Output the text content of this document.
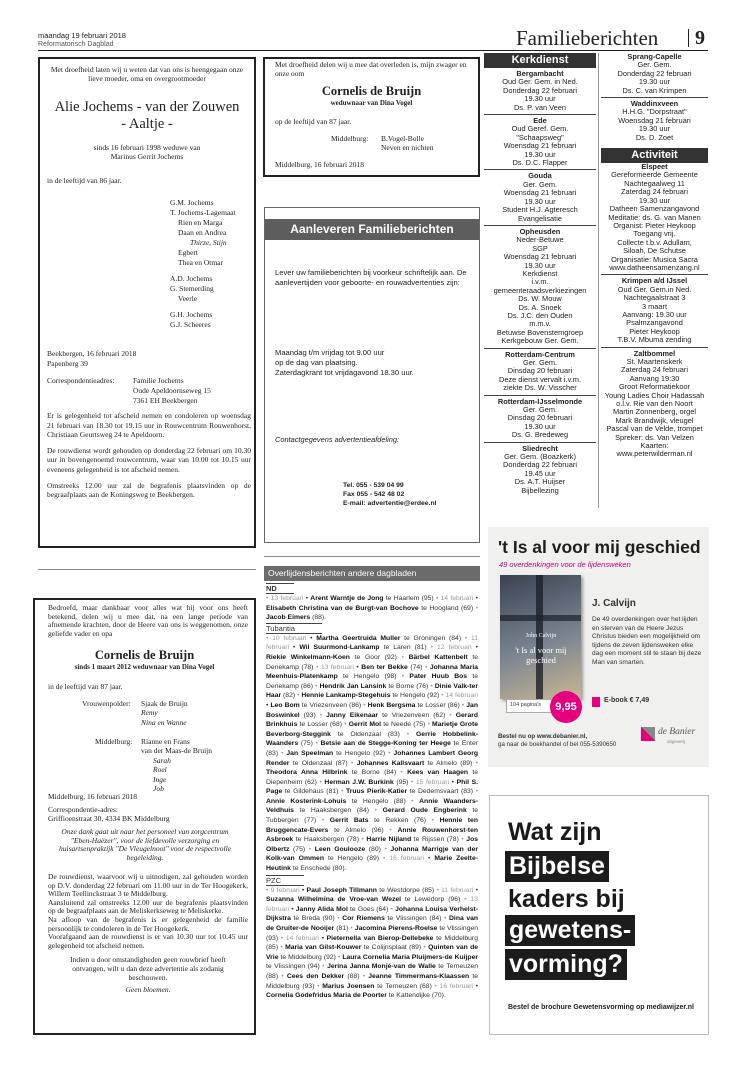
maandag 19 februari 2018
Reformatorisch Dagblad	Familieberichten 9
Met droefheid laten wij u weten dat van ons is heengegaan onze lieve moeder, oma en overgrootmoeder
Alie Jochems - van der Zouwen
- Aaltje -
sinds 16 februari 1998 weduwe van
Marinus Gerrit Jochems
in de leeftijd van 86 jaar.
G.M. Jochems
T. Jochems-Lagemaat
Rien en Marga
Daan en Andrea
Thirze, Stijn
Egbert
Thea en Otmar
A.D. Jochems
G. Stemerding
Veerle
G.H. Jochems
G.J. Scheeres
Beekbergen, 16 februari 2018
Papenberg 39
Correspondentieadres: Familie Jochems
Oude Apeldoornseweg 15
7361 EH Beekbergen
Er is gelegenheid tot afscheid nemen en condoleren op woensdag 21 februari van 18.30 tot 19.15 uur in Rouwcentrum Rouwenhorst, Christiaan Geurtsweg 24 te Apeldoorn.
De rouwdienst wordt gehouden op donderdag 22 februari om 10.30 uur in bovengenoemd rouwcentrum, waar van 10.00 tot 10.15 uur eveneens gelegenheid is tot afscheid nemen.
Omstreeks 12.00 uur zal de begrafenis plaatsvinden op de begraafplaats aan de Koningsweg te Beekbergen.
Met droefheid delen wij u mee dat overleden is, mijn zwager en onze oom
Cornelis de Bruijn
weduwnaar van Dina Vogel
op de leeftijd van 87 jaar.
Middelburg: B.Vogel-Bolle
Neven en nichten
Middelburg, 16 februari 2018
Aanleveren Familieberichten
Lever uw familieberichten bij voorkeur schriftelijk aan. De aanlevertijden voor geboorte- en rouwadvertenties zijn:
Maandag t/m vrijdag tot 9.00 uur
op de dag van plaatsing.
Zaterdagkrant tot vrijdagavond 18.30 uur.
Contactgegevens advertentieafdeling:
Tel. 055 - 539 04 99
Fax 055 - 542 48 02
E-mail: advertentie@erdee.nl
Bedroefd, maar dankbaar voor alles wat hij voor ons heeft betekend, delen wij u mee dat, na een lange periode van afnemende krachten, door de Heere van ons is weggenomen, onze geliefde vader en opa
Cornelis de Bruijn
sinds 1 maart 2012 weduwnaar van Dina Vogel
in de leeftijd van 87 jaar.
Vrouwenpolder: Sjaak de Bruijn
Remy
Nina en Wanne
Middelburg: Rianne en Frans
van der Maas-de Bruijn
Sarah
Roel
Inge
Job
Middelburg, 16 februari 2018
Correspondentie-adres:
Griffioenstraat 30, 4334 BK Middelburg
Onze dank gaat uit naar het personeel van zorgcentrum "Eben-Haëzer", voor de liefdevolle verzorging en huisartsenpraktijk "De Vleugelnoot" voor de respectvolle begeleiding.
De rouwdienst, waarvoor wij u uitnodigen, zal gehouden worden op D.V. donderdag 22 februari om 11.00 uur in de Ter Hoogekerk, Willem Teellinckstraat 3 te Middelburg.
Aansluitend zal omstreeks 12.00 uur de begrafenis plaatsvinden op de begraafplaats aan de Meliskerkseweg te Meliskerke.
Na afloop van de begrafenis is er gelegenheid de familie persoonlijk te condoleren in de Ter Hoogekerk.
Voorafgaand aan de rouwdienst is er van 10.30 uur tot 10.45 uur gelegenheid tot afscheid nemen.
Indien u door omstandigheden geen rouwbrief heeft ontvangen, wilt u dan deze advertentie als zodanig beschouwen.
Geen bloemen.
Overlijdensberichten andere dagbladen
ND
• 13 februari • Arent Warntje de Jong te Haarlem (95) • 14 februari • Elisabeth Christina van de Burgt-van Bochove te Hoogland (69) • Jacob Eimers (88).
Tubantia
• 10 februari • Martha Geertruida Muller te Groningen (84) • 11 februari • Wil Suurmond-Lankamp te Laren (81) • 12 februari • Riekie Winkelmann-Koen te Goor (92) • Bärbel Kattenbelt te Denekamp (78) • 13 februari • Ben ter Bekke (74) • Johanna Maria Meenhuis-Platenkamp te Hengelo (98) • Pater Huub Bos te Denekamp (86) • Hendrik Jan Lansink te Borne (76) • Dinie Valk-ter Haar (82) • Hennie Lankamp-Stegehuis te Hengelo (92) • 14 februari • Leo Bom te Vriezenveen (86) • Henk Bergsma te Losser (86) • Jan Boswinkel (93) • Janny Eikenaar te Vriezenveen (62) • Gerard Brinkhuis te Losser (68) • Gerrit Mol te Neede (75) • Marietje Grote Beverborg-Steggink te Oldenzaal (83) • Gerrie Hobbelink-Waanders (75) • Betsie aan de Stegge-Koning ter Heege te Enter (83) • Jan Speelman te Hengelo (92) • Johannes Lambert Georg Render te Oldenzaal (87) • Johannes Kallsvaart te Almelo (89) • Theodora Anna Hilbrink te Borne (84) • Kees van Haagen te Diepenheim (62) • Herman J.W. Burkink (95) • 15 februari • Phil S. Page te Gildehaus (81) • Truus Pierik-Katier te Dedemsvaart (83) • Annie Kosterink-Lohuis te Hengelo (88) • Annie Waanders-Veldhuis te Haaksbergen (84) • Gerard Oude Engberink te Tubbergen (77) • Gerrit Bats te Rekken (76) • Hennie ten Bruggencate-Evers te Almelo (96) • Annie Rouwenhorst-ten Asbroek te Haaksbergen (78) • Harrie Nijland te Rijssen (78) • Jos Olbertz (75) • Leen Goulooze (80) • Johanna Marrigje van der Kolk-van Ommen te Hengelo (89) • 16 februari • Marie Zeelte-Heutink te Enschede (80).
PZC
• 9 februari • Paul Joseph Tillmann te Westdorpe (85) • 11 februari • Suzanna Wilhelmina de Vroe-van Wezel te Lewedorp (96) • 13 februari • Janny Alida Mol te Goes (64) • Johanna Louisa Verhelst-Dijkstra te Breda (90) • Cor Riemens te Vlissingen (84) • Dina van de Gruiter-de Nooijer (81) • Jacomina Pierens-Roelse te Vlissingen (93) • 14 februari • Pieternella van Bierop-Dellebeke te Middelburg (85) • Maria van Gilst-Kouwer te Colijnsplaat (89) • Quinten van de Vrie te Middelburg (92) • Laura Cornelia Maria Pluijmers-de Kuijper te Vlissingen (94) • Jerina Janna Monjé-van de Walle te Terneuzen (88) • Cees den Dekker (88) • Jeanne Timmermans-Klaassen te Middelburg (93) • Marius Joensen te Terneuzen (68) • 16 februari • Cornelia Godefridus Maria de Poorter te Kattendijke (70).
Kerkdienst
Bergambacht
Oud Ger. Gem. in Ned.
Donderdag 22 februari
19.30 uur
Ds. P. van Veen
Ede
Oud Geref. Gem.
"Schaapsweg"
Woensdag 21 februari
19.30 uur
Ds. D.C. Flapper
Gouda
Ger. Gem.
Woensdag 21 februari
19.30 uur
Student H.J. Agteresch
Evangelisatie
Opheusden
Neder-Betuwe
SGP
Woensdag 21 februari
19.30 uur
Kerkdienst
i.v.m.
gemeenteraadsverkiezingen
Ds. W. Mouw
Ds. A. Snoek
Ds. J.C. den Ouden
m.m.v.
Betuwse Bovenstemgroep
Kerkgebouw Ger. Gem.
Rotterdam-Centrum
Ger. Gem.
Dinsdag 20 februari
Deze dienst vervalt i.v.m.
ziekte Ds. W. Visscher
Rotterdam-IJsselmonde
Ger. Gem.
Dinsdag 20 februari
19.30 uur
Ds. G. Bredeweg
Sliedrecht
Ger. Gem. (Boazkerk)
Donderdag 22 februari
19.45 uur
Ds. A.T. Huijser
Bijbellezing
Sprang-Capelle
Ger. Gem.
Donderdag 22 februari
19.30 uur
Ds. C. van Krimpen
Waddinxveen
H.H.G. "Dorpstraat"
Woensdag 21 februari
19.30 uur
Ds. D. Zoet
Activiteit
Elspeet
Gereformeerde Gemeente
Nachtegaalweg 11
Zaterdag 24 februari
19.30 uur
Datheen Samenzangavond
Meditatie: ds. G. van Manen
Organist: Pieter Heykoop
Toegang vrij.
Collecte t.b.v. Adullam,
Siloah, De Schutse
Organisatie: Musica Sacra
www.datheensamenzang.nl
Krimpen a/d IJssel
Oud Ger. Gem.in Ned.
Nachtegaalstraat 3
3 maart
Aanvang: 19.30 uur
Psalmzangavond
Pieter Heykoop
T.B.V. Mbuma zending
Zaltbommel
St. Maartenskerk
Zaterdag 24 februari
Aanvang 19:30
Groot Reformatiekoor
Young Ladies Choir Hadassah
o.l.v. Rie van den Noort
Martin Zonnenberg, orgel
Mark Brandwijk, vleugel
Pascal van de Velde, trompet
Spreker: ds. Van Velzen
Kaarten:
www.peterwilderman.nl
't Is al voor mij geschied
49 overdenkingen voor de lijdensweken
John Calvijn
't Is al voor mij geschied
104 pagina's	9,95
J. Calvijn
De 49 overdenkingen over het lijden en sterven van de Heere Jezus Christus bieden een mogelijkheid om tijdens de zeven lijdensweken elke dag een moment stil te staan bij deze Man van smarten.
E-book € 7,49
Bestel nu op www.debanier.nl,
ga naar de boekhandel of bel 055-5390650
de Banier
uitgeverij
Wat zijn
Bijbelse
kaders bij
gewetens-
vorming?
Bestel de brochure Gewetensvorming op mediawijzer.nl
